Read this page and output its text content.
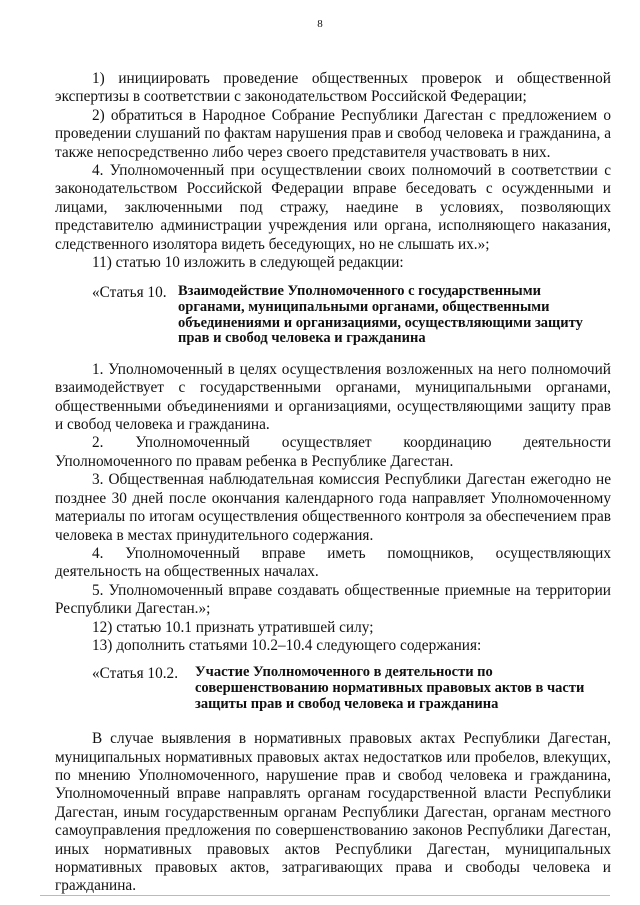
8

1) инициировать проведение общественных проверок и общественной экспертизы в соответствии с законодательством Российской Федерации;

2) обратиться в Народное Собрание Республики Дагестан с предложением о проведении слушаний по фактам нарушения прав и свобод человека и гражданина, а также непосредственно либо через своего представителя участвовать в них.

4. Уполномоченный при осуществлении своих полномочий в соответствии с законодательством Российской Федерации вправе беседовать с осужденными и лицами, заключенными под стражу, наедине в условиях, позволяющих представителю администрации учреждения или органа, исполняющего наказания, следственного изолятора видеть беседующих, но не слышать их.»;

11) статью 10 изложить в следующей редакции:

«Статья 10. Взаимодействие Уполномоченного с государственными органами, муниципальными органами, общественными объединениями и организациями, осуществляющими защиту прав и свобод человека и гражданина

1. Уполномоченный в целях осуществления возложенных на него полномочий взаимодействует с государственными органами, муниципальными органами, общественными объединениями и организациями, осуществляющими защиту прав и свобод человека и гражданина.

2. Уполномоченный осуществляет координацию деятельности Уполномоченного по правам ребенка в Республике Дагестан.

3. Общественная наблюдательная комиссия Республики Дагестан ежегодно не позднее 30 дней после окончания календарного года направляет Уполномоченному материалы по итогам осуществления общественного контроля за обеспечением прав человека в местах принудительного содержания.

4. Уполномоченный вправе иметь помощников, осуществляющих деятельность на общественных началах.

5. Уполномоченный вправе создавать общественные приемные на территории Республики Дагестан.»;

12) статью 10.1 признать утратившей силу;

13) дополнить статьями 10.2–10.4 следующего содержания:

«Статья 10.2.	Участие Уполномоченного в деятельности по совершенствованию нормативных правовых актов в части защиты прав и свобод человека и гражданина

В случае выявления в нормативных правовых актах Республики Дагестан, муниципальных нормативных правовых актах недостатков или пробелов, влекущих, по мнению Уполномоченного, нарушение прав и свобод человека и гражданина, Уполномоченный вправе направлять органам государственной власти Республики Дагестан, иным государственным органам Республики Дагестан, органам местного самоуправления предложения по совершенствованию законов Республики Дагестан, иных нормативных правовых актов Республики Дагестан, муниципальных нормативных правовых актов, затрагивающих права и свободы человека и гражданина.
